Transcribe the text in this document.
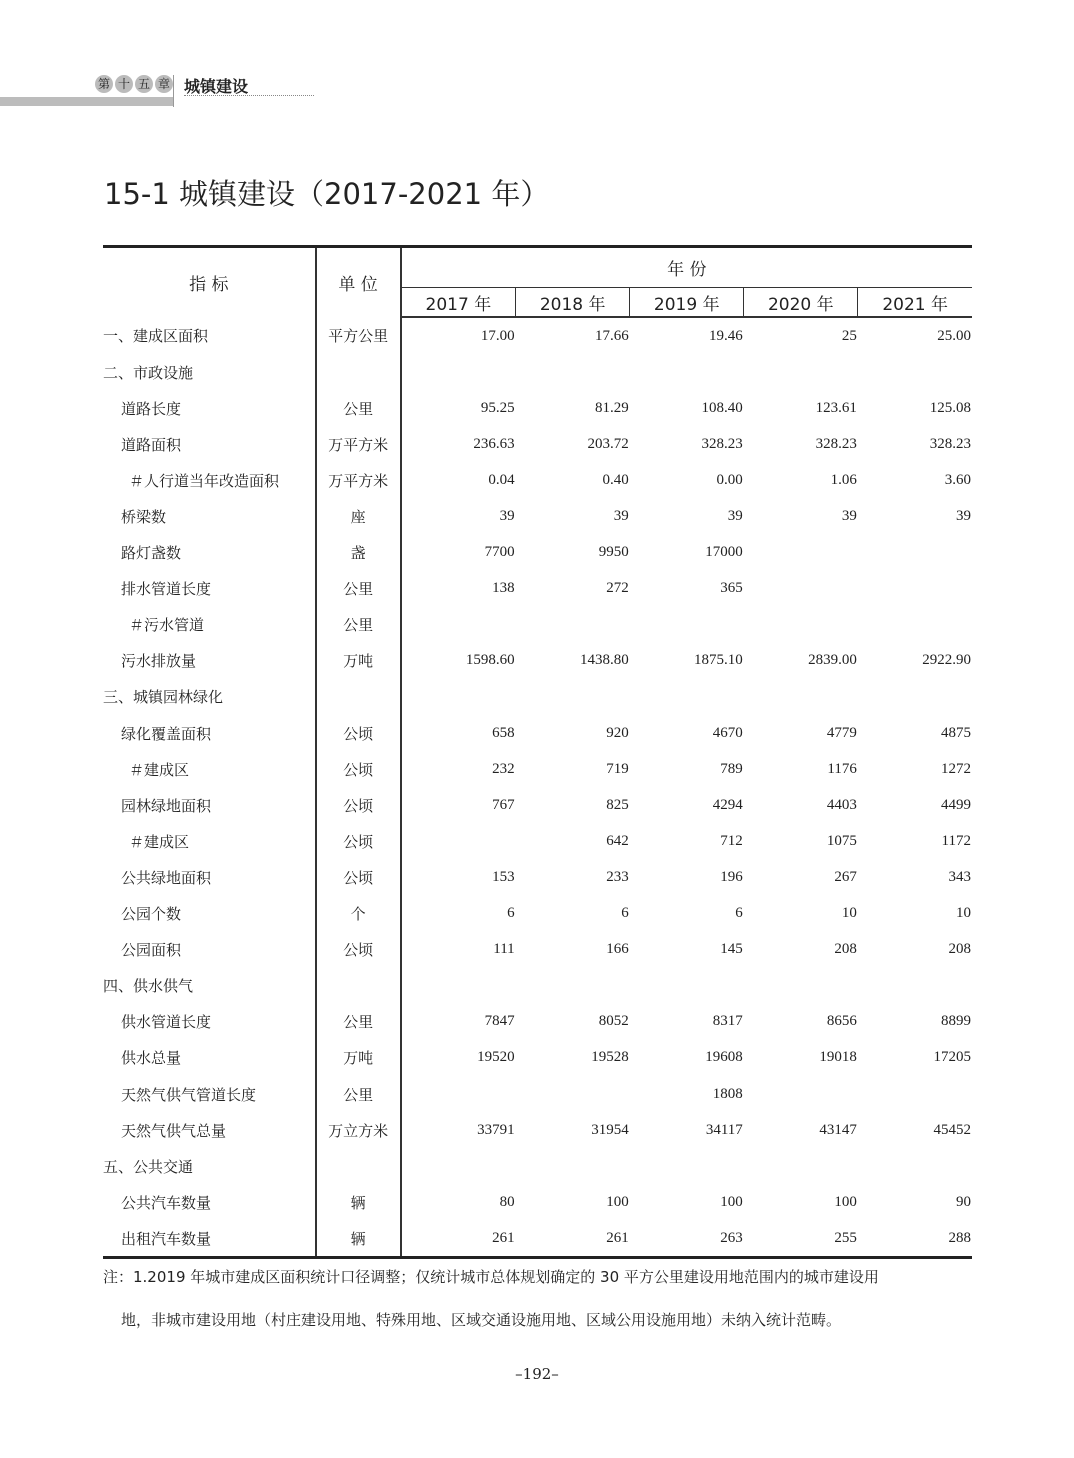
第 十 五 章 城镇建设
15-1 城镇建设（2017-2021 年）
指 标	单 位	年 份				
		2017 年	2018 年	2019 年	2020 年	2021 年
一、建成区面积	平方公里	17.00	17.66	19.46	25	25.00
二、市政设施						
道路长度	公里	95.25	81.29	108.40	123.61	125.08
道路面积	万平方米	236.63	203.72	328.23	328.23	328.23
＃人行道当年改造面积	万平方米	0.04	0.40	0.00	1.06	3.60
桥梁数	座	39	39	39	39	39
路灯盏数	盏	7700	9950	17000		
排水管道长度	公里	138	272	365		
＃污水管道	公里					
污水排放量	万吨	1598.60	1438.80	1875.10	2839.00	2922.90
三、城镇园林绿化						
绿化覆盖面积	公顷	658	920	4670	4779	4875
＃建成区	公顷	232	719	789	1176	1272
园林绿地面积	公顷	767	825	4294	4403	4499
＃建成区	公顷		642	712	1075	1172
公共绿地面积	公顷	153	233	196	267	343
公园个数	个	6	6	6	10	10
公园面积	公顷	111	166	145	208	208
四、供水供气						
供水管道长度	公里	7847	8052	8317	8656	8899
供水总量	万吨	19520	19528	19608	19018	17205
天然气供气管道长度	公里			1808		
天然气供气总量	万立方米	33791	31954	34117	43147	45452
五、公共交通						
公共汽车数量	辆	80	100	100	100	90
出租汽车数量	辆	261	261	263	255	288
注：1.2019 年城市建成区面积统计口径调整；仅统计城市总体规划确定的 30 平方公里建设用地范围内的城市建设用
地，非城市建设用地（村庄建设用地、特殊用地、区域交通设施用地、区域公用设施用地）未纳入统计范畴。
–192–
